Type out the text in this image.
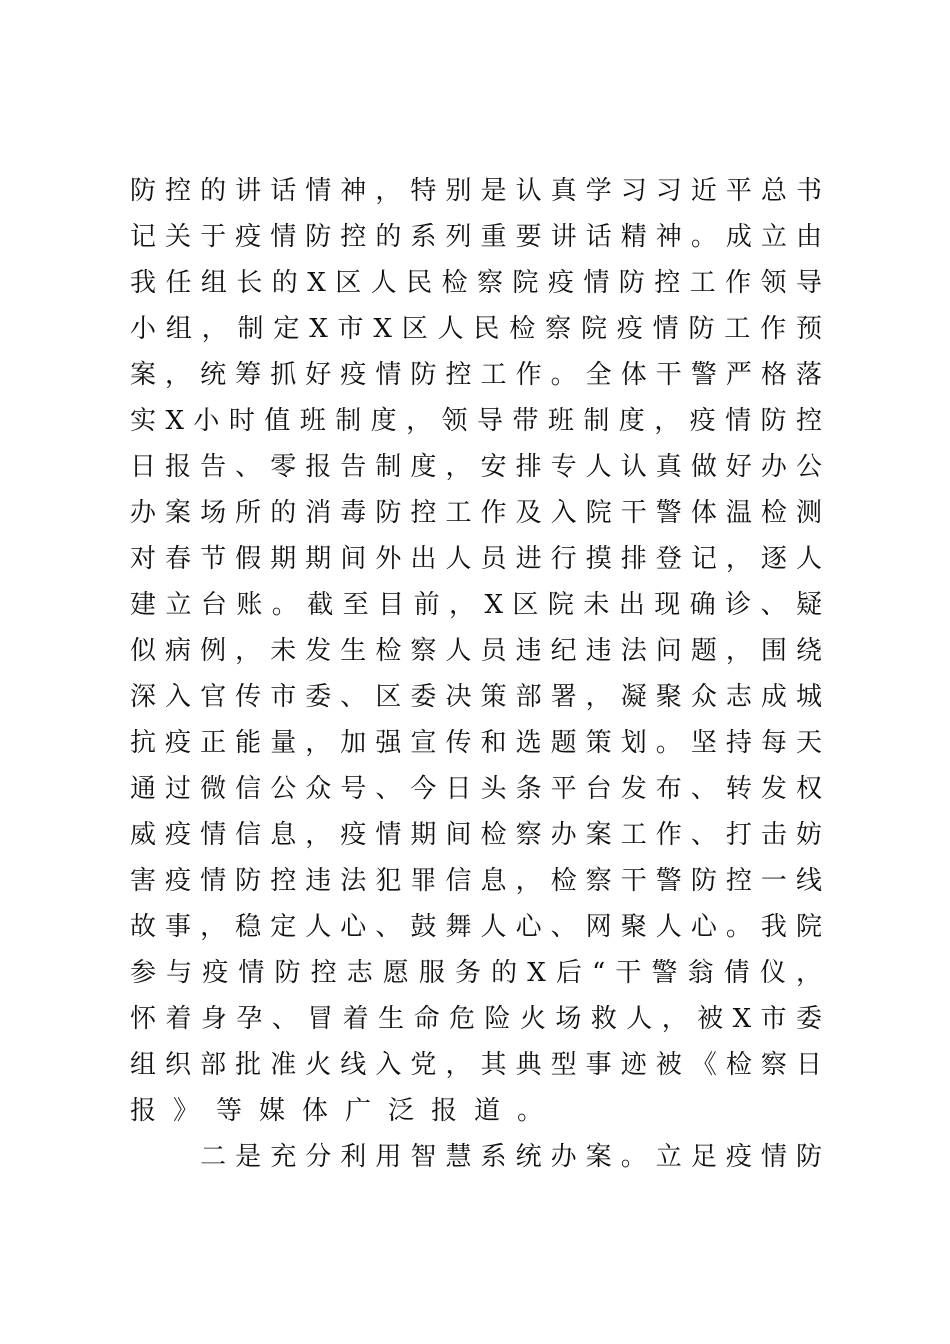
防控的讲话情神，特别是认真学习习近平总书
记关于疫情防控的系列重要讲话精神。成立由
我任组长的X区人民检察院疫情防控工作领导
小组，制定X市X区人民检察院疫情防工作预
案，统筹抓好疫情防控工作。全体干警严格落
实X小时值班制度，领导带班制度，疫情防控
日报告、零报告制度，安排专人认真做好办公
办案场所的消毒防控工作及入院干警体温检测
对春节假期期间外出人员进行摸排登记，逐人
建立台账。截至目前，X区院未出现确诊、疑
似病例，未发生检察人员违纪违法问题，围绕
深入官传市委、区委决策部署，凝聚众志成城
抗疫正能量，加强宣传和选题策划。坚持每天
通过微信公众号、今日头条平台发布、转发权
威疫情信息，疫情期间检察办案工作、打击妨
害疫情防控违法犯罪信息，检察干警防控一线
故事，稳定人心、鼓舞人心、网聚人心。我院
参与疫情防控志愿服务的X后“干警翁倩仪，
怀着身孕、冒着生命危险火场救人，被X市委
组织部批准火线入党，其典型事迹被《检察日
报》等媒体广泛报道。
　　二是充分利用智慧系统办案。立足疫情防
